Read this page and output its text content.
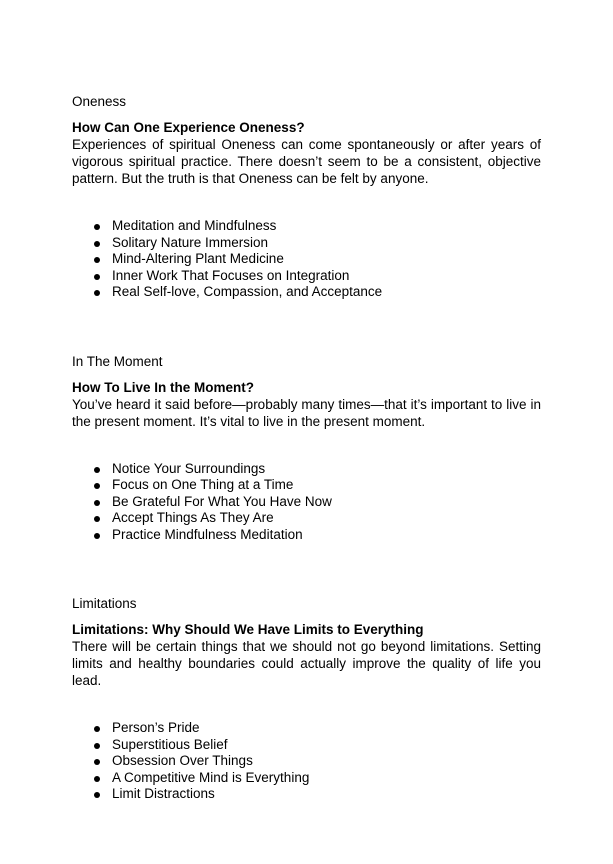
Oneness

How Can One Experience Oneness?

Experiences of spiritual Oneness can come spontaneously or after years of vigorous spiritual practice. There doesn’t seem to be a consistent, objective pattern. But the truth is that Oneness can be felt by anyone.

Meditation and Mindfulness
Solitary Nature Immersion
Mind-Altering Plant Medicine
Inner Work That Focuses on Integration
Real Self-love, Compassion, and Acceptance

In The Moment

How To Live In the Moment?

You’ve heard it said before—probably many times—that it’s important to live in the present moment. It’s vital to live in the present moment.

Notice Your Surroundings
Focus on One Thing at a Time
Be Grateful For What You Have Now
Accept Things As They Are
Practice Mindfulness Meditation

Limitations

Limitations: Why Should We Have Limits to Everything

There will be certain things that we should not go beyond limitations. Setting limits and healthy boundaries could actually improve the quality of life you lead.

Person’s Pride
Superstitious Belief
Obsession Over Things
A Competitive Mind is Everything
Limit Distractions
